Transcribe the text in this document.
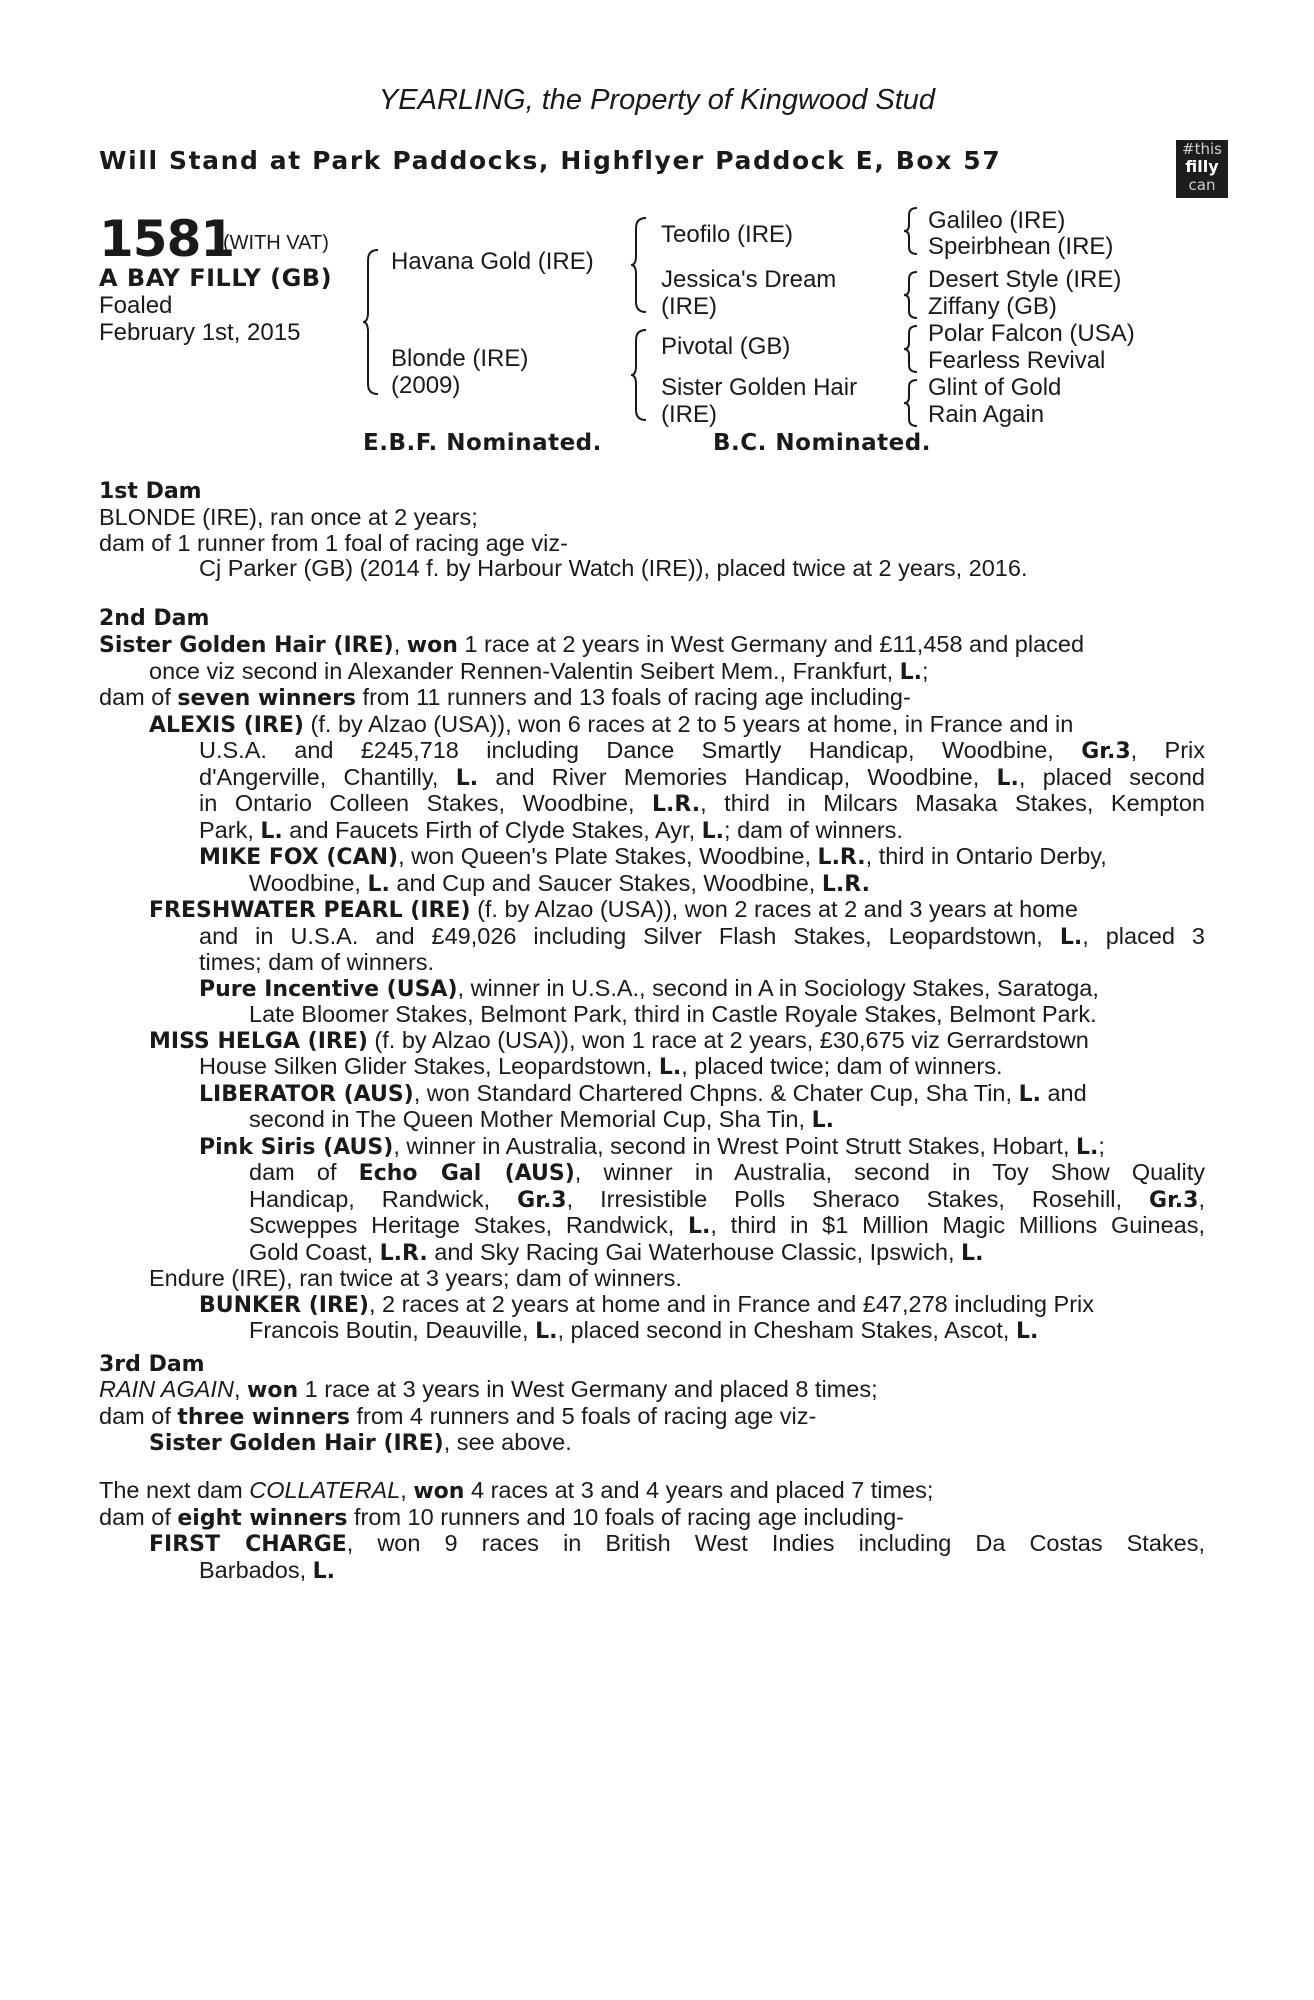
YEARLING, the Property of Kingwood Stud
Will Stand at Park Paddocks, Highflyer Paddock E, Box 57	#this
filly
can
1581
(WITH VAT)
A BAY FILLY (GB)
Foaled
February 1st, 2015
Havana Gold (IRE)
Blonde (IRE)
(2009)
Teofilo (IRE)
Jessica's Dream
(IRE)
Pivotal (GB)
Sister Golden Hair
(IRE)
Galileo (IRE)
Speirbhean (IRE)
Desert Style (IRE)
Ziffany (GB)
Polar Falcon (USA)
Fearless Revival
Glint of Gold
Rain Again
E.B.F. Nominated.	B.C. Nominated.
1st Dam
BLONDE (IRE), ran once at 2 years;
dam of 1 runner from 1 foal of racing age viz-
Cj Parker (GB) (2014 f. by Harbour Watch (IRE)), placed twice at 2 years, 2016.
2nd Dam
Sister Golden Hair (IRE), won 1 race at 2 years in West Germany and £11,458 and placed
once viz second in Alexander Rennen-Valentin Seibert Mem., Frankfurt, L.;
dam of seven winners from 11 runners and 13 foals of racing age including-
ALEXIS (IRE) (f. by Alzao (USA)), won 6 races at 2 to 5 years at home, in France and in
U.S.A. and £245,718 including Dance Smartly Handicap, Woodbine, Gr.3, Prix
d'Angerville, Chantilly, L. and River Memories Handicap, Woodbine, L., placed second
in Ontario Colleen Stakes, Woodbine, L.R., third in Milcars Masaka Stakes, Kempton
Park, L. and Faucets Firth of Clyde Stakes, Ayr, L.; dam of winners.
MIKE FOX (CAN), won Queen's Plate Stakes, Woodbine, L.R., third in Ontario Derby,
Woodbine, L. and Cup and Saucer Stakes, Woodbine, L.R.
FRESHWATER PEARL (IRE) (f. by Alzao (USA)), won 2 races at 2 and 3 years at home
and in U.S.A. and £49,026 including Silver Flash Stakes, Leopardstown, L., placed 3
times; dam of winners.
Pure Incentive (USA), winner in U.S.A., second in A in Sociology Stakes, Saratoga,
Late Bloomer Stakes, Belmont Park, third in Castle Royale Stakes, Belmont Park.
MISS HELGA (IRE) (f. by Alzao (USA)), won 1 race at 2 years, £30,675 viz Gerrardstown
House Silken Glider Stakes, Leopardstown, L., placed twice; dam of winners.
LIBERATOR (AUS), won Standard Chartered Chpns. & Chater Cup, Sha Tin, L. and
second in The Queen Mother Memorial Cup, Sha Tin, L.
Pink Siris (AUS), winner in Australia, second in Wrest Point Strutt Stakes, Hobart, L.;
dam of Echo Gal (AUS), winner in Australia, second in Toy Show Quality
Handicap, Randwick, Gr.3, Irresistible Polls Sheraco Stakes, Rosehill, Gr.3,
Scweppes Heritage Stakes, Randwick, L., third in $1 Million Magic Millions Guineas,
Gold Coast, L.R. and Sky Racing Gai Waterhouse Classic, Ipswich, L.
Endure (IRE), ran twice at 3 years; dam of winners.
BUNKER (IRE), 2 races at 2 years at home and in France and £47,278 including Prix
Francois Boutin, Deauville, L., placed second in Chesham Stakes, Ascot, L.
3rd Dam
RAIN AGAIN, won 1 race at 3 years in West Germany and placed 8 times;
dam of three winners from 4 runners and 5 foals of racing age viz-
Sister Golden Hair (IRE), see above.
The next dam COLLATERAL, won 4 races at 3 and 4 years and placed 7 times;
dam of eight winners from 10 runners and 10 foals of racing age including-
FIRST CHARGE, won 9 races in British West Indies including Da Costas Stakes,
Barbados, L.
